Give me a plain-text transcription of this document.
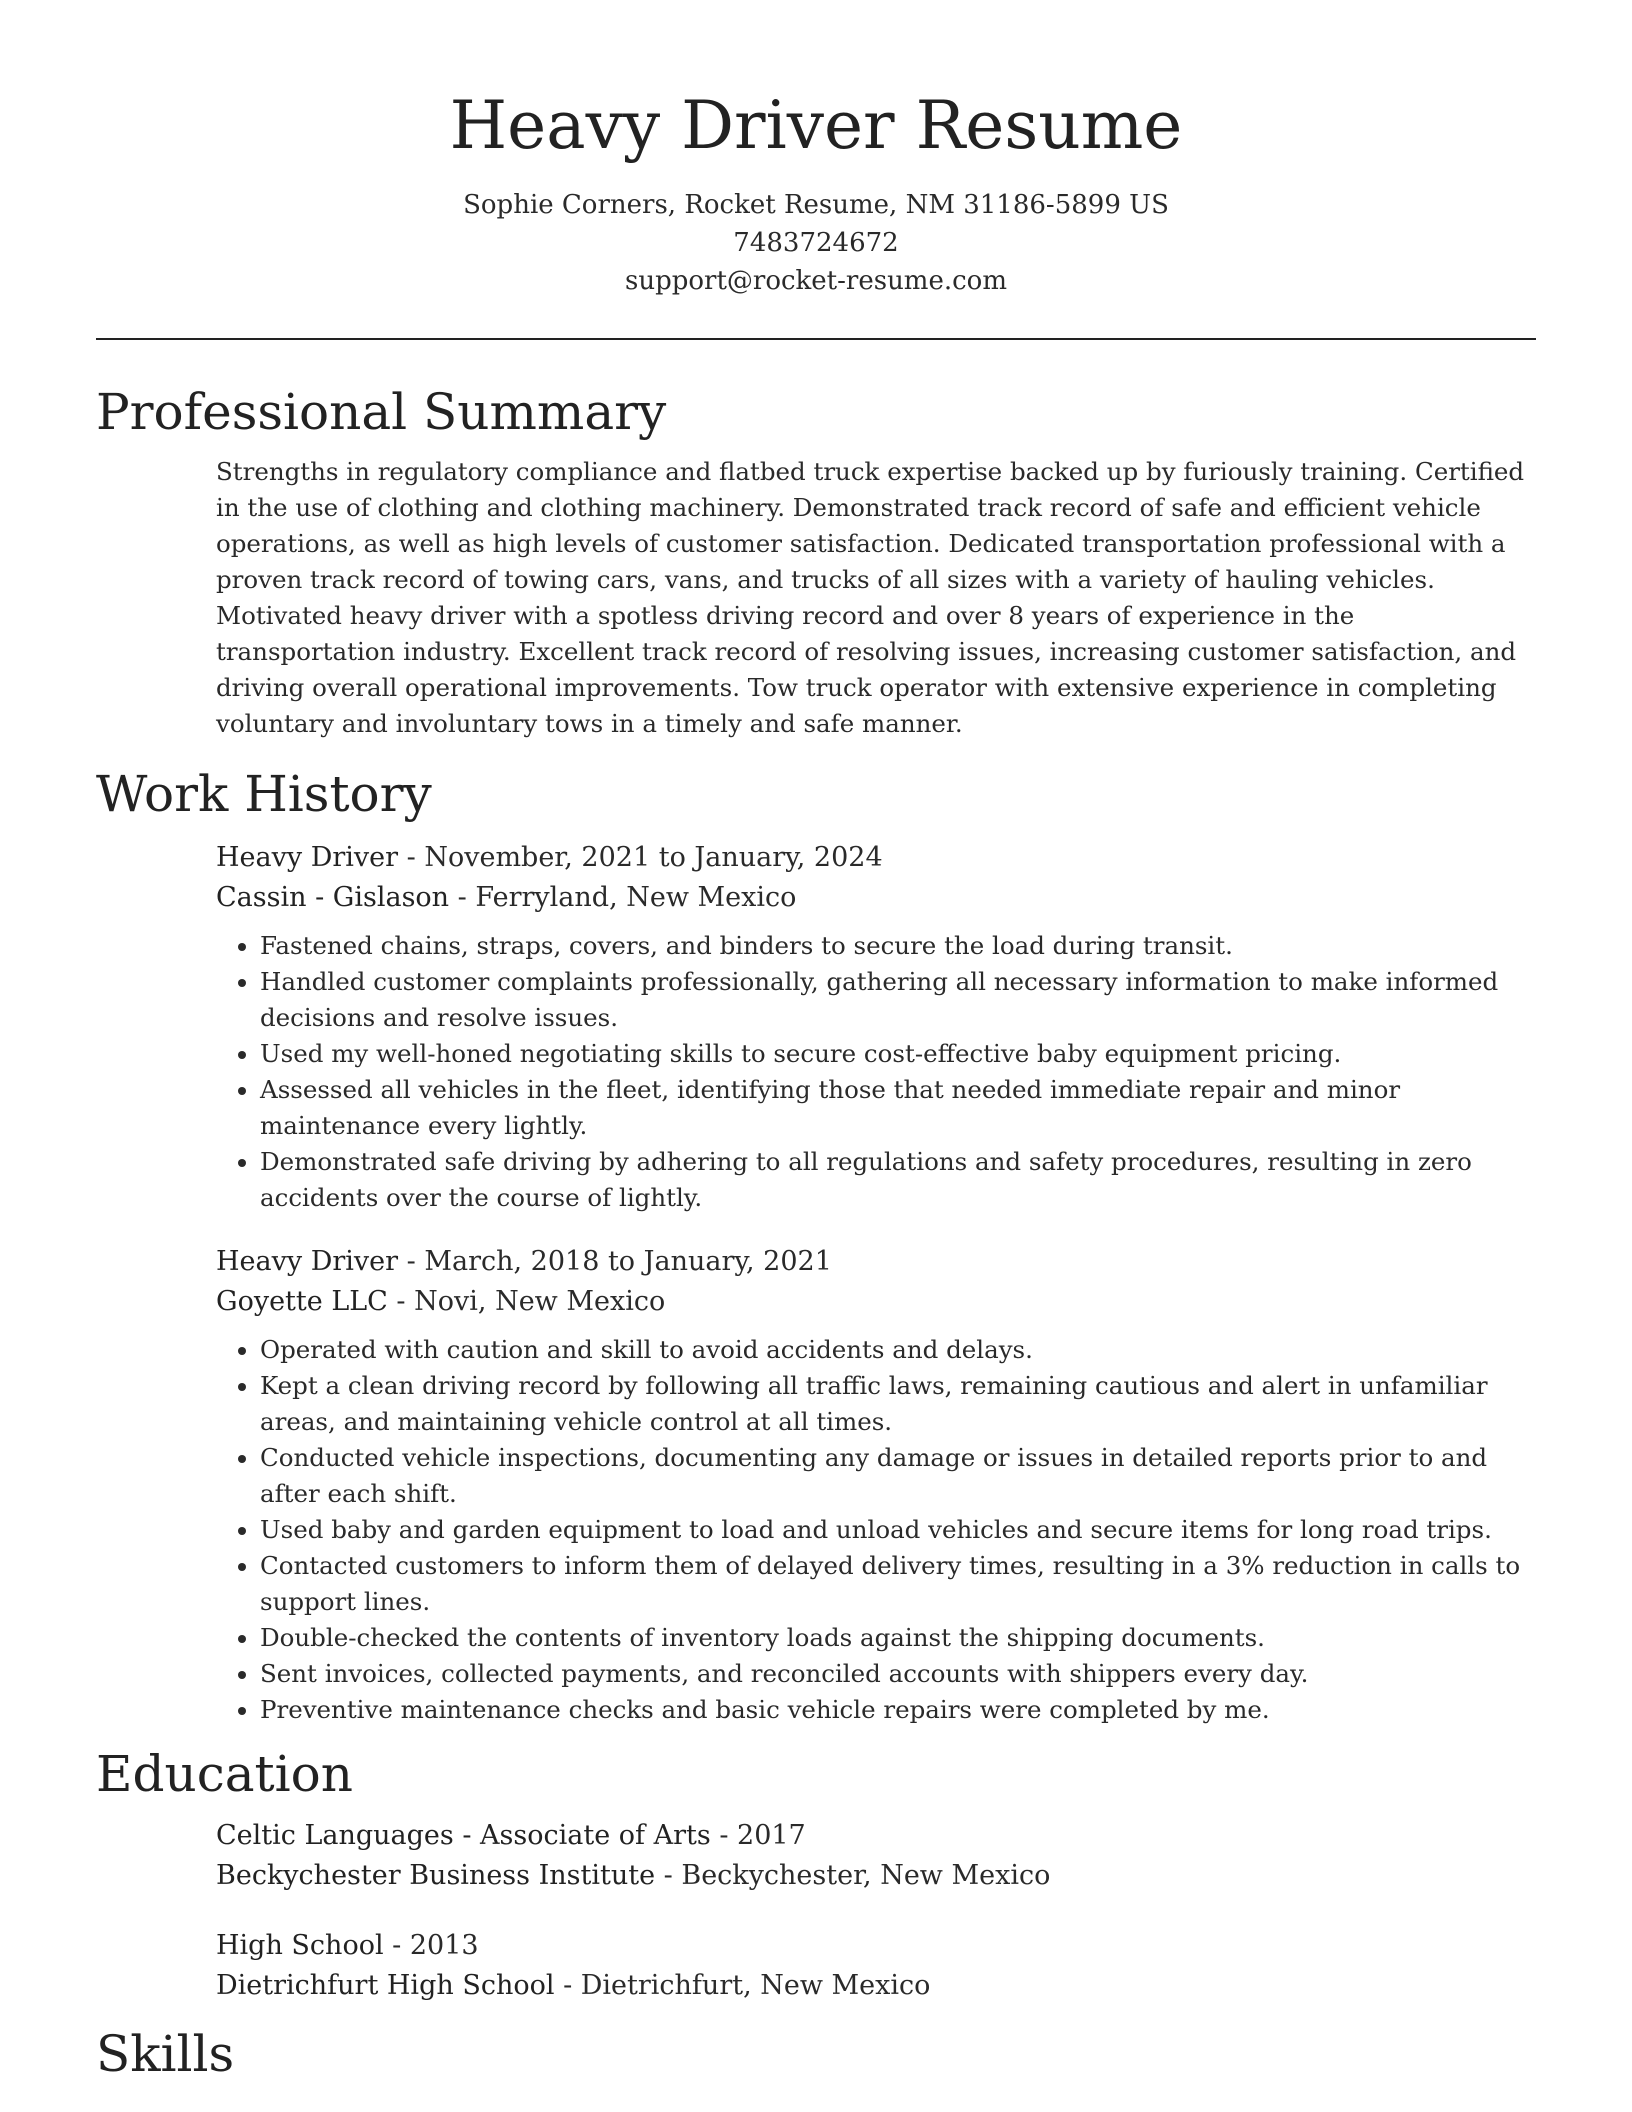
Heavy Driver Resume
Sophie Corners, Rocket Resume, NM 31186-5899 US
7483724672
support@rocket-resume.com
Professional Summary

Strengths in regulatory compliance and flatbed truck expertise backed up by furiously training. Certified in the use of clothing and clothing machinery. Demonstrated track record of safe and efficient vehicle operations, as well as high levels of customer satisfaction. Dedicated transportation professional with a proven track record of towing cars, vans, and trucks of all sizes with a variety of hauling vehicles. Motivated heavy driver with a spotless driving record and over 8 years of experience in the transportation industry. Excellent track record of resolving issues, increasing customer satisfaction, and driving overall operational improvements. Tow truck operator with extensive experience in completing voluntary and involuntary tows in a timely and safe manner.

Work History
Heavy Driver - November, 2021 to January, 2024
Cassin - Gislason - Ferryland, New Mexico
• Fastened chains, straps, covers, and binders to secure the load during transit.
• Handled customer complaints professionally, gathering all necessary information to make informed decisions and resolve issues.
• Used my well-honed negotiating skills to secure cost-effective baby equipment pricing.
• Assessed all vehicles in the fleet, identifying those that needed immediate repair and minor maintenance every lightly.
• Demonstrated safe driving by adhering to all regulations and safety procedures, resulting in zero accidents over the course of lightly.
Heavy Driver - March, 2018 to January, 2021
Goyette LLC - Novi, New Mexico
• Operated with caution and skill to avoid accidents and delays.
• Kept a clean driving record by following all traffic laws, remaining cautious and alert in unfamiliar areas, and maintaining vehicle control at all times.
• Conducted vehicle inspections, documenting any damage or issues in detailed reports prior to and after each shift.
• Used baby and garden equipment to load and unload vehicles and secure items for long road trips.
• Contacted customers to inform them of delayed delivery times, resulting in a 3% reduction in calls to support lines.
• Double-checked the contents of inventory loads against the shipping documents.
• Sent invoices, collected payments, and reconciled accounts with shippers every day.
• Preventive maintenance checks and basic vehicle repairs were completed by me.
Education
Celtic Languages - Associate of Arts - 2017
Beckychester Business Institute - Beckychester, New Mexico
High School - 2013
Dietrichfurt High School - Dietrichfurt, New Mexico
Skills
